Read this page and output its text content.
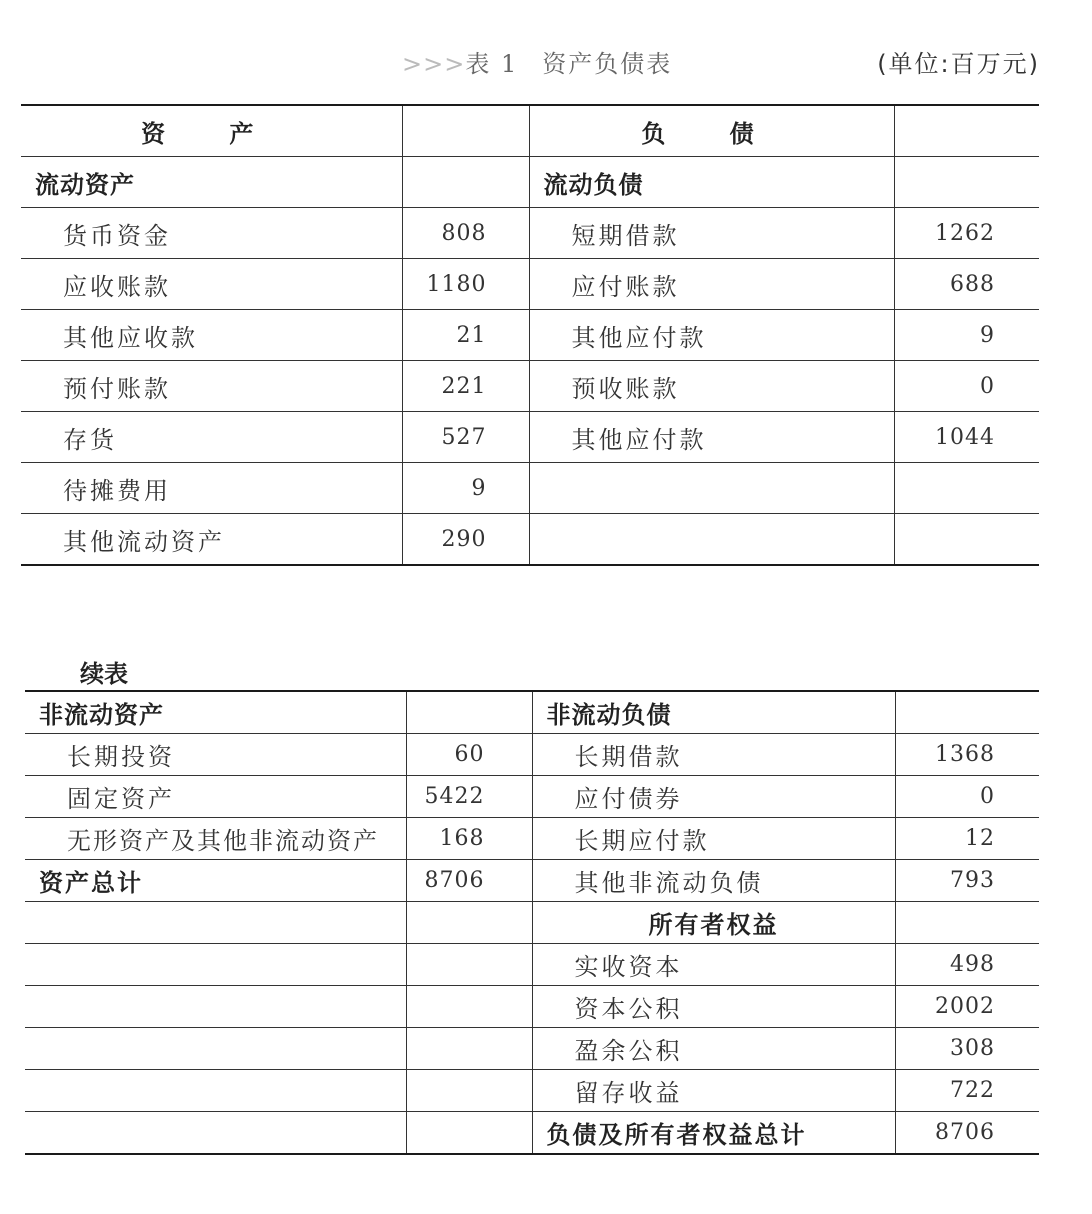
>>>表 1 资产负债表	(单位:百万元)
资 产		负 债	
流动资产		流动负债	
货币资金	808	短期借款	1262
应收账款	1180	应付账款	688
其他应收款	21	其他应付款	9
预付账款	221	预收账款	0
存货	527	其他应付款	1044
待摊费用	9		
其他流动资产	290		
续表
非流动资产		非流动负债	
长期投资	60	长期借款	1368
固定资产	5422	应付债券	0
无形资产及其他非流动资产	168	长期应付款	12
资产总计	8706	其他非流动负债	793
		所有者权益	
		实收资本	498
		资本公积	2002
		盈余公积	308
		留存收益	722
		负债及所有者权益总计	8706
